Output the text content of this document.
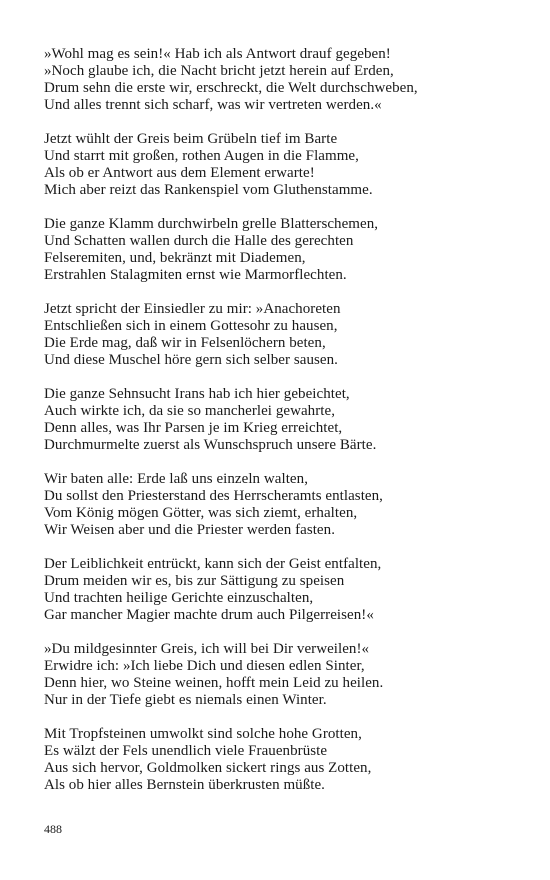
»Wohl mag es sein!« Hab ich als Antwort drauf gegeben!
»Noch glaube ich, die Nacht bricht jetzt herein auf Erden,
Drum sehn die erste wir, erschreckt, die Welt durchschweben,
Und alles trennt sich scharf, was wir vertreten werden.«
Jetzt wühlt der Greis beim Grübeln tief im Barte
Und starrt mit großen, rothen Augen in die Flamme,
Als ob er Antwort aus dem Element erwarte!
Mich aber reizt das Rankenspiel vom Gluthenstamme.
Die ganze Klamm durchwirbeln grelle Blatterschemen,
Und Schatten wallen durch die Halle des gerechten
Felseremiten, und, bekränzt mit Diademen,
Erstrahlen Stalagmiten ernst wie Marmorflechten.
Jetzt spricht der Einsiedler zu mir: »Anachoreten
Entschließen sich in einem Gottesohr zu hausen,
Die Erde mag, daß wir in Felsenlöchern beten,
Und diese Muschel höre gern sich selber sausen.
Die ganze Sehnsucht Irans hab ich hier gebeichtet,
Auch wirkte ich, da sie so mancherlei gewahrte,
Denn alles, was Ihr Parsen je im Krieg erreichtet,
Durchmurmelte zuerst als Wunschspruch unsere Bärte.
Wir baten alle: Erde laß uns einzeln walten,
Du sollst den Priesterstand des Herrscheramts entlasten,
Vom König mögen Götter, was sich ziemt, erhalten,
Wir Weisen aber und die Priester werden fasten.
Der Leiblichkeit entrückt, kann sich der Geist entfalten,
Drum meiden wir es, bis zur Sättigung zu speisen
Und trachten heilige Gerichte einzuschalten,
Gar mancher Magier machte drum auch Pilgerreisen!«
»Du mildgesinnter Greis, ich will bei Dir verweilen!«
Erwidre ich: »Ich liebe Dich und diesen edlen Sinter,
Denn hier, wo Steine weinen, hofft mein Leid zu heilen.
Nur in der Tiefe giebt es niemals einen Winter.
Mit Tropfsteinen umwolkt sind solche hohe Grotten,
Es wälzt der Fels unendlich viele Frauenbrüste
Aus sich hervor, Goldmolken sickert rings aus Zotten,
Als ob hier alles Bernstein überkrusten müßte.
488
